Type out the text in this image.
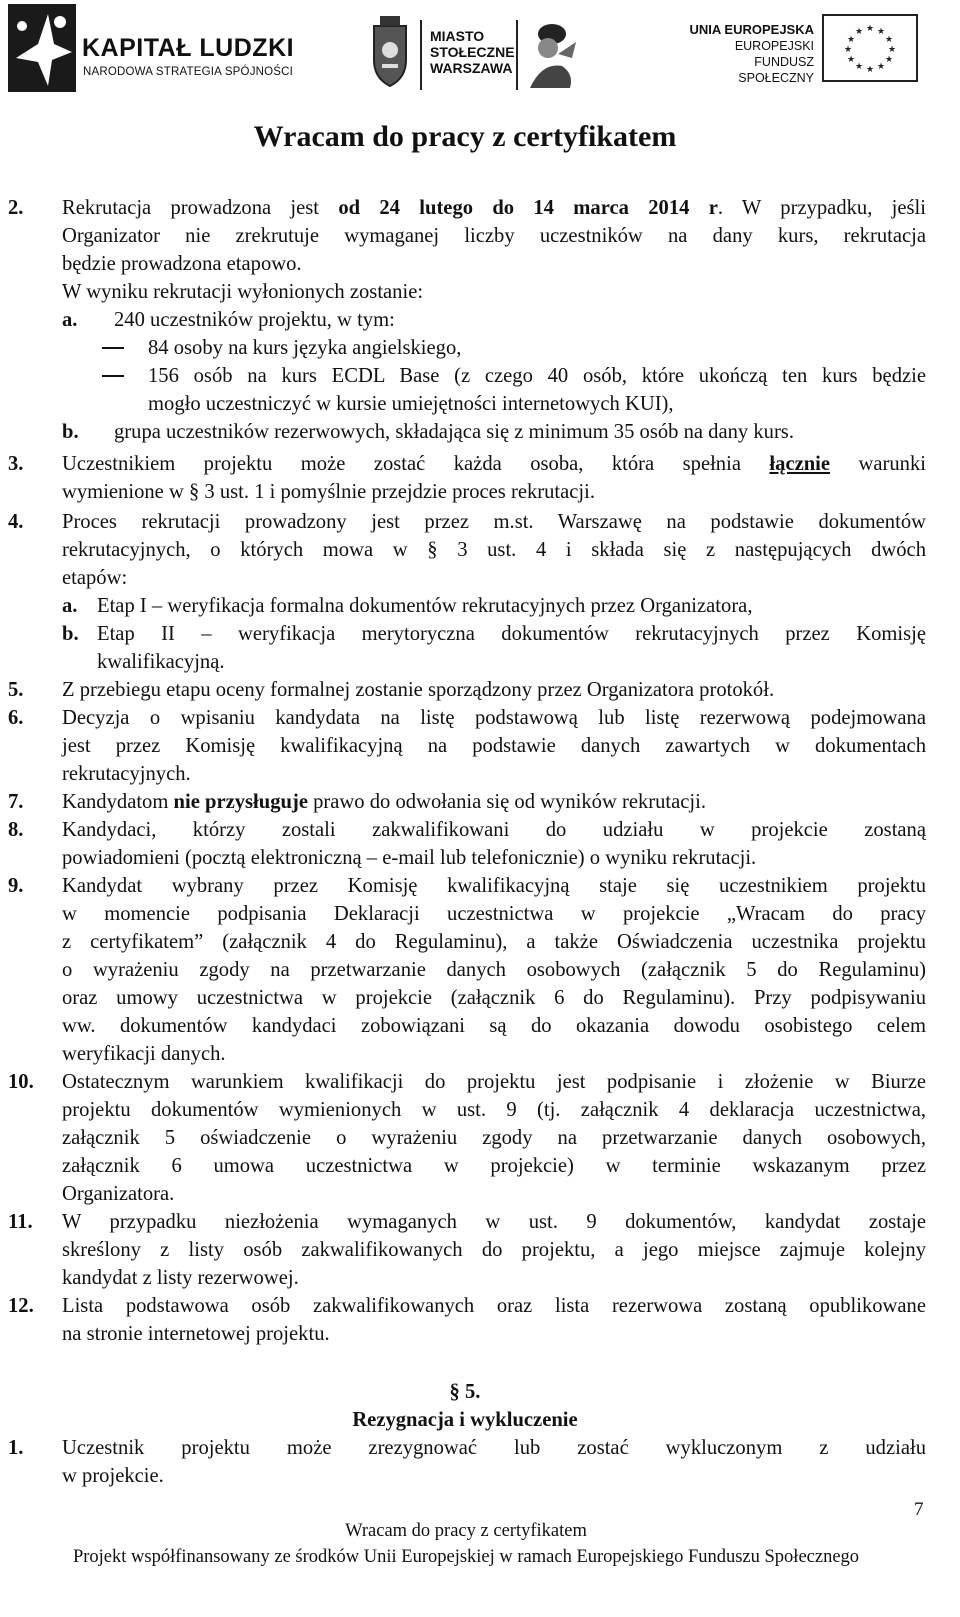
KAPITAŁ LUDZKI
NARODOWA STRATEGIA SPÓJNOŚCI
MIASTO
STOŁECZNE
WARSZAWA
UNIA EUROPEJSKA
EUROPEJSKI
FUNDUSZ SPOŁECZNY
★ ★
★
★
★
★
★
★
★
★
★
★
Wracam do pracy z certyfikatem
2. Rekrutacja prowadzona jest od 24 lutego do 14 marca 2014 r. W przypadku, jeśli
Organizator nie zrekrutuje wymaganej liczby uczestników na dany kurs, rekrutacja
będzie prowadzona etapowo.
W wyniku rekrutacji wyłonionych zostanie:
a. 240 uczestników projektu, w tym:
84 osoby na kurs języka angielskiego,
156 osób na kurs ECDL Base (z czego 40 osób, które ukończą ten kurs będzie
mogło uczestniczyć w kursie umiejętności internetowych KUI),
b. grupa uczestników rezerwowych, składająca się z minimum 35 osób na dany kurs.
3. Uczestnikiem projektu może zostać każda osoba, która spełnia łącznie warunki
wymienione w § 3 ust. 1 i pomyślnie przejdzie proces rekrutacji.
4. Proces rekrutacji prowadzony jest przez m.st. Warszawę na podstawie dokumentów
rekrutacyjnych, o których mowa w § 3 ust. 4 i składa się z następujących dwóch
etapów:
a. Etap I – weryfikacja formalna dokumentów rekrutacyjnych przez Organizatora,
b. Etap II – weryfikacja merytoryczna dokumentów rekrutacyjnych przez Komisję
kwalifikacyjną.
5. Z przebiegu etapu oceny formalnej zostanie sporządzony przez Organizatora protokół.
6. Decyzja o wpisaniu kandydata na listę podstawową lub listę rezerwową podejmowana
jest przez Komisję kwalifikacyjną na podstawie danych zawartych w dokumentach
rekrutacyjnych.
7. Kandydatom nie przysługuje prawo do odwołania się od wyników rekrutacji.
8. Kandydaci, którzy zostali zakwalifikowani do udziału w projekcie zostaną
powiadomieni (pocztą elektroniczną – e-mail lub telefonicznie) o wyniku rekrutacji.
9. Kandydat wybrany przez Komisję kwalifikacyjną staje się uczestnikiem projektu
w momencie podpisania Deklaracji uczestnictwa w projekcie „Wracam do pracy
z certyfikatem” (załącznik 4 do Regulaminu), a także Oświadczenia uczestnika projektu
o wyrażeniu zgody na przetwarzanie danych osobowych (załącznik 5 do Regulaminu)
oraz umowy uczestnictwa w projekcie (załącznik 6 do Regulaminu). Przy podpisywaniu
ww. dokumentów kandydaci zobowiązani są do okazania dowodu osobistego celem
weryfikacji danych.
10. Ostatecznym warunkiem kwalifikacji do projektu jest podpisanie i złożenie w Biurze
projektu dokumentów wymienionych w ust. 9 (tj. załącznik 4 deklaracja uczestnictwa,
załącznik 5 oświadczenie o wyrażeniu zgody na przetwarzanie danych osobowych,
załącznik 6 umowa uczestnictwa w projekcie) w terminie wskazanym przez
Organizatora.
11. W przypadku niezłożenia wymaganych w ust. 9 dokumentów, kandydat zostaje
skreślony z listy osób zakwalifikowanych do projektu, a jego miejsce zajmuje kolejny
kandydat z listy rezerwowej.
12. Lista podstawowa osób zakwalifikowanych oraz lista rezerwowa zostaną opublikowane
na stronie internetowej projektu.
§ 5.
Rezygnacja i wykluczenie
1. Uczestnik projektu może zrezygnować lub zostać wykluczonym z udziału
w projekcie.
7
Wracam do pracy z certyfikatem
Projekt współfinansowany ze środków Unii Europejskiej w ramach Europejskiego Funduszu Społecznego
